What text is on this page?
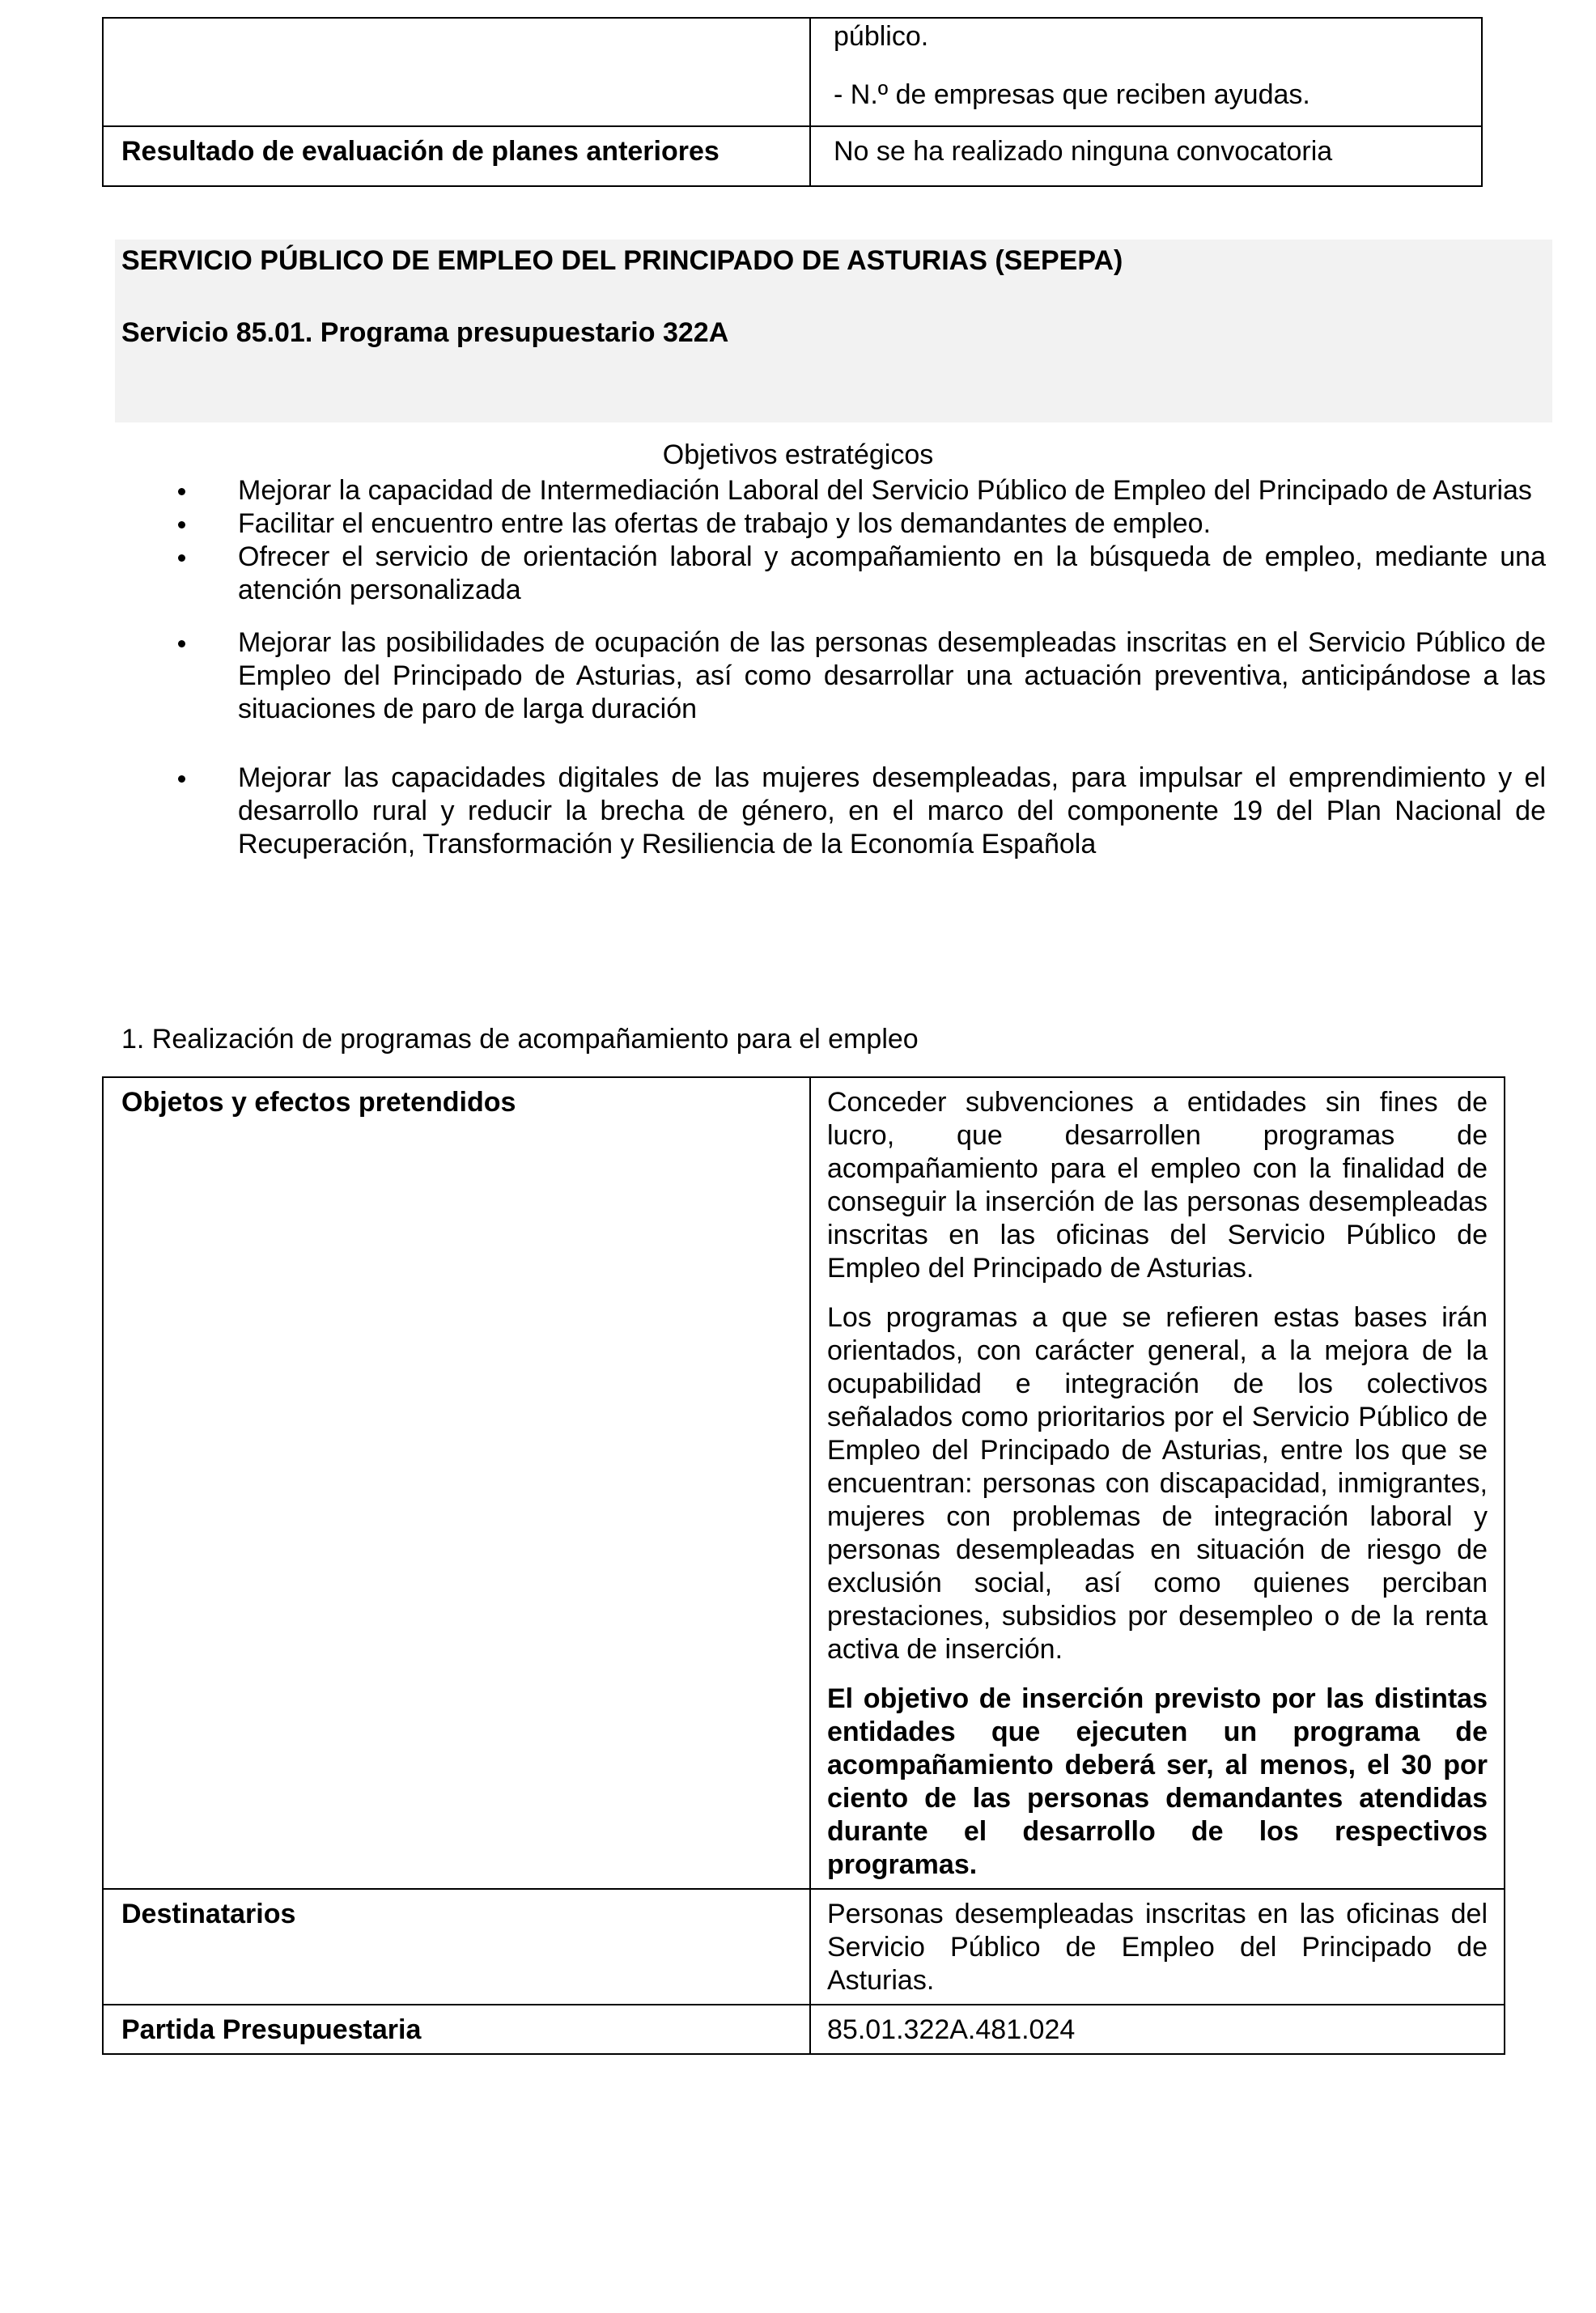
	público.
- N.º de empresas que reciben ayudas.

Resultado de evaluación de planes anteriores	No se ha realizado ninguna convocatoria
SERVICIO PÚBLICO DE EMPLEO DEL PRINCIPADO DE ASTURIAS (SEPEPA)
Servicio 85.01. Programa presupuestario 322A
Objetivos estratégicos
Mejorar la capacidad de Intermediación Laboral del Servicio Público de Empleo del Principado de Asturias
Facilitar el encuentro entre las ofertas de trabajo y los demandantes de empleo.
Ofrecer el servicio de orientación laboral y acompañamiento en la búsqueda de empleo, mediante una atención personalizada
Mejorar las posibilidades de ocupación de las personas desempleadas inscritas en el Servicio Público de Empleo del Principado de Asturias, así como desarrollar una actuación preventiva, anticipándose a las situaciones de paro de larga duración
Mejorar las capacidades digitales de las mujeres desempleadas, para impulsar el emprendimiento y el desarrollo rural y reducir la brecha de género, en el marco del componente 19 del Plan Nacional de Recuperación, Transformación y Resiliencia de la Economía Española
1. Realización de programas de acompañamiento para el empleo
Objetos y efectos pretendidos	Conceder subvenciones a entidades sin fines de lucro, que desarrollen programas de acompañamiento para el empleo con la finalidad de conseguir la inserción de las personas desempleadas inscritas en las oficinas del Servicio Público de Empleo del Principado de Asturias.

Los programas a que se refieren estas bases irán orientados, con carácter general, a la mejora de la ocupabilidad e integración de los colectivos señalados como prioritarios por el Servicio Público de Empleo del Principado de Asturias, entre los que se encuentran: personas con discapacidad, inmigrantes, mujeres con problemas de integración laboral y personas desempleadas en situación de riesgo de exclusión social, así como quienes perciban prestaciones, subsidios por desempleo o de la renta activa de inserción.

El objetivo de inserción previsto por las distintas entidades que ejecuten un programa de acompañamiento deberá ser, al menos, el 30 por ciento de las personas demandantes atendidas durante el desarrollo de los respectivos programas.

Destinatarios	Personas desempleadas inscritas en las oficinas del Servicio Público de Empleo del Principado de Asturias.

Partida Presupuestaria	85.01.322A.481.024
